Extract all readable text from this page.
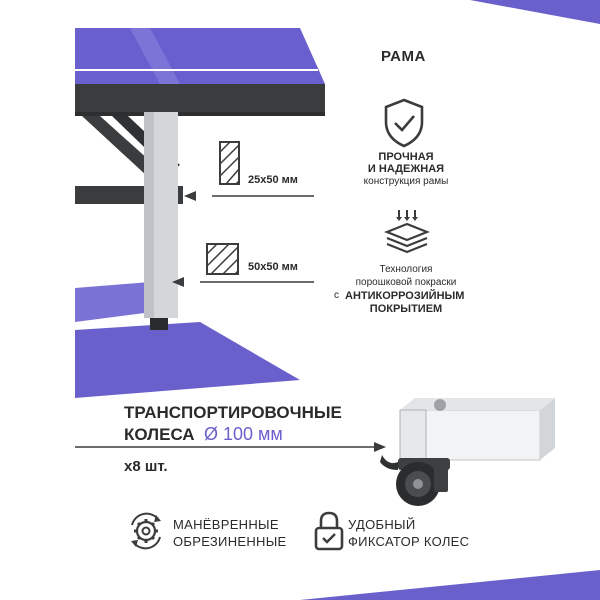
РАМА

ПРОЧНАЯ

И НАДЕЖНАЯ

конструкция рамы

Технология

порошковой покраски

с АНТИКОРРОЗИЙНЫМ

ПОКРЫТИЕМ

25х50 мм

50х50 мм

ТРАНСПОРТИРОВОЧНЫЕ

КОЛЕСА Ø 100 мм

х8 шт.

МАНЁВРЕННЫЕ

ОБРЕЗИНЕННЫЕ

УДОБНЫЙ

ФИКСАТОР КОЛЕС
